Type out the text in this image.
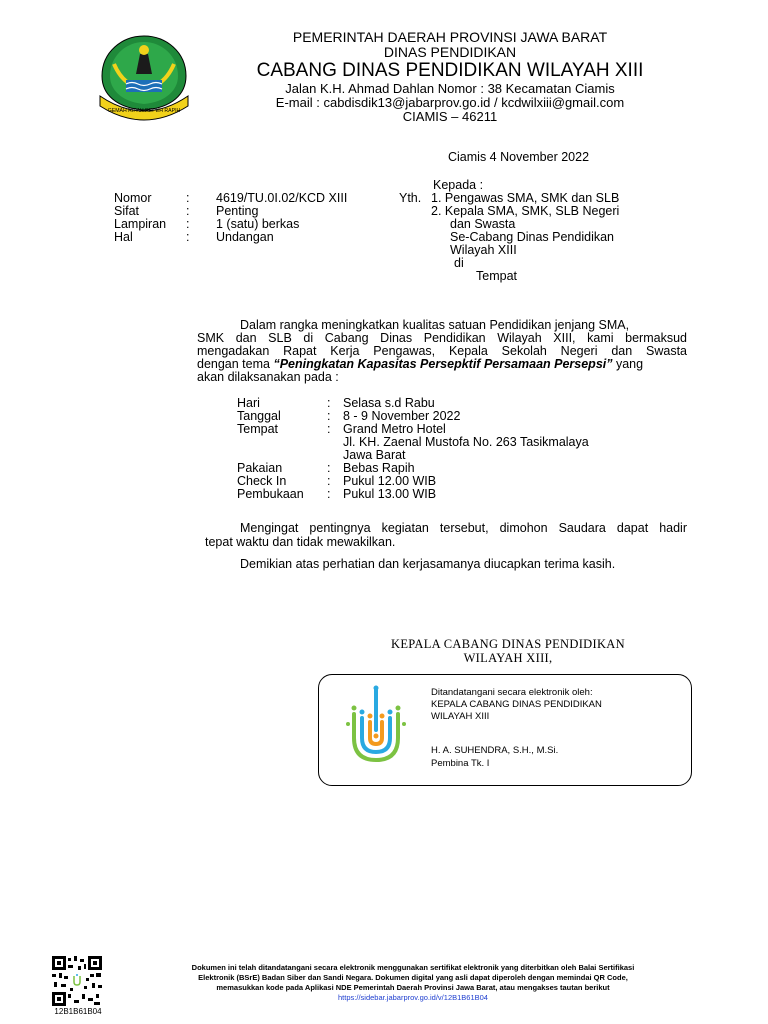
GEMAH RIPAH REPEH RAPIH
PEMERINTAH DAERAH PROVINSI JAWA BARAT
DINAS PENDIDIKAN
CABANG DINAS PENDIDIKAN WILAYAH XIII
Jalan K.H. Ahmad Dahlan Nomor : 38 Kecamatan Ciamis
E-mail : cabdisdik13@jabarprov.go.id / kcdwilxiii@gmail.com
CIAMIS – 46211
Ciamis 4 November 2022
Nomor	: 4619/TU.0I.02/KCD XIII
Sifat	: Penting
Lampiran : 1 (satu) berkas
Hal	: Undangan
Kepada :
Yth. 1. Pengawas SMA, SMK dan SLB
2. Kepala SMA, SMK, SLB Negeri
dan Swasta
Se-Cabang Dinas Pendidikan
Wilayah XIII
di
Tempat
Dalam rangka meningkatkan kualitas satuan Pendidikan jenjang SMA,
SMK dan SLB di Cabang Dinas Pendidikan Wilayah XIII, kami bermaksud
mengadakan Rapat Kerja Pengawas, Kepala Sekolah Negeri dan Swasta
dengan tema “Peningkatan Kapasitas Persepktif Persamaan Persepsi” yang
akan dilaksanakan pada :
Hari	: Selasa s.d Rabu
Tanggal	: 8 - 9 November 2022
Tempat	: Grand Metro Hotel
Jl. KH. Zaenal Mustofa No. 263 Tasikmalaya
Jawa Barat
Pakaian	: Bebas Rapih
Check In	: Pukul 12.00 WIB
Pembukaan : Pukul 13.00 WIB
Mengingat pentingnya kegiatan tersebut, dimohon Saudara dapat hadir
tepat waktu dan tidak mewakilkan.
Demikian atas perhatian dan kerjasamanya diucapkan terima kasih.
KEPALA CABANG DINAS PENDIDIKAN
WILAYAH XIII,
Ditandatangani secara elektronik oleh:
KEPALA CABANG DINAS PENDIDIKAN
WILAYAH XIII
H. A. SUHENDRA, S.H., M.Si.
Pembina Tk. I
12B1B61B04
Dokumen ini telah ditandatangani secara elektronik menggunakan sertifikat elektronik yang diterbitkan oleh Balai Sertifikasi
Elektronik (BSrE) Badan Siber dan Sandi Negara. Dokumen digital yang asli dapat diperoleh dengan memindai QR Code,
memasukkan kode pada Aplikasi NDE Pemerintah Daerah Provinsi Jawa Barat, atau mengakses tautan berikut
https://sidebar.jabarprov.go.id/v/12B1B61B04
